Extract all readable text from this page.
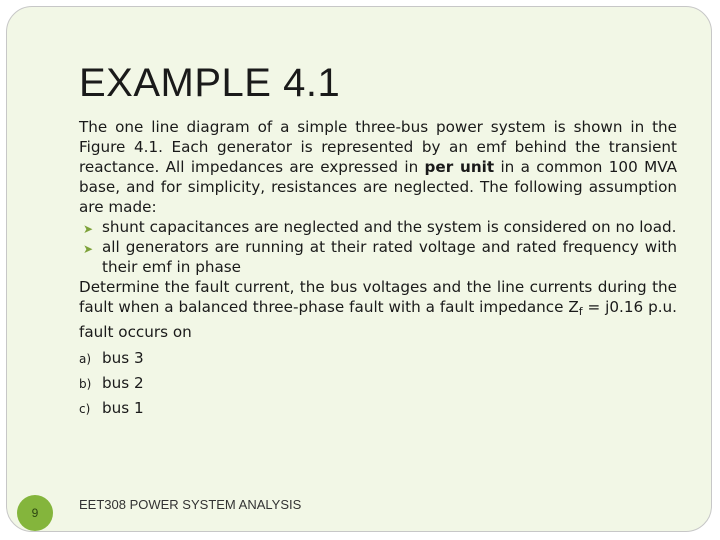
EXAMPLE 4.1

The one line diagram of a simple three-bus power system is shown in the Figure 4.1. Each generator is represented by an emf behind the transient reactance. All impedances are expressed in per unit in a common 100 MVA base, and for simplicity, resistances are neglected. The following assumption are made:

➤ shunt capacitances are neglected and the system is considered on no load.

➤ all generators are running at their rated voltage and rated frequency with their emf in phase

Determine the fault current, the bus voltages and the line currents during the fault when a balanced three-phase fault with a fault impedance $Z_f = j0.16$ p.u. fault occurs on

a) bus 3
b) bus 2
c) bus 1
9
EET308 POWER SYSTEM ANALYSIS
